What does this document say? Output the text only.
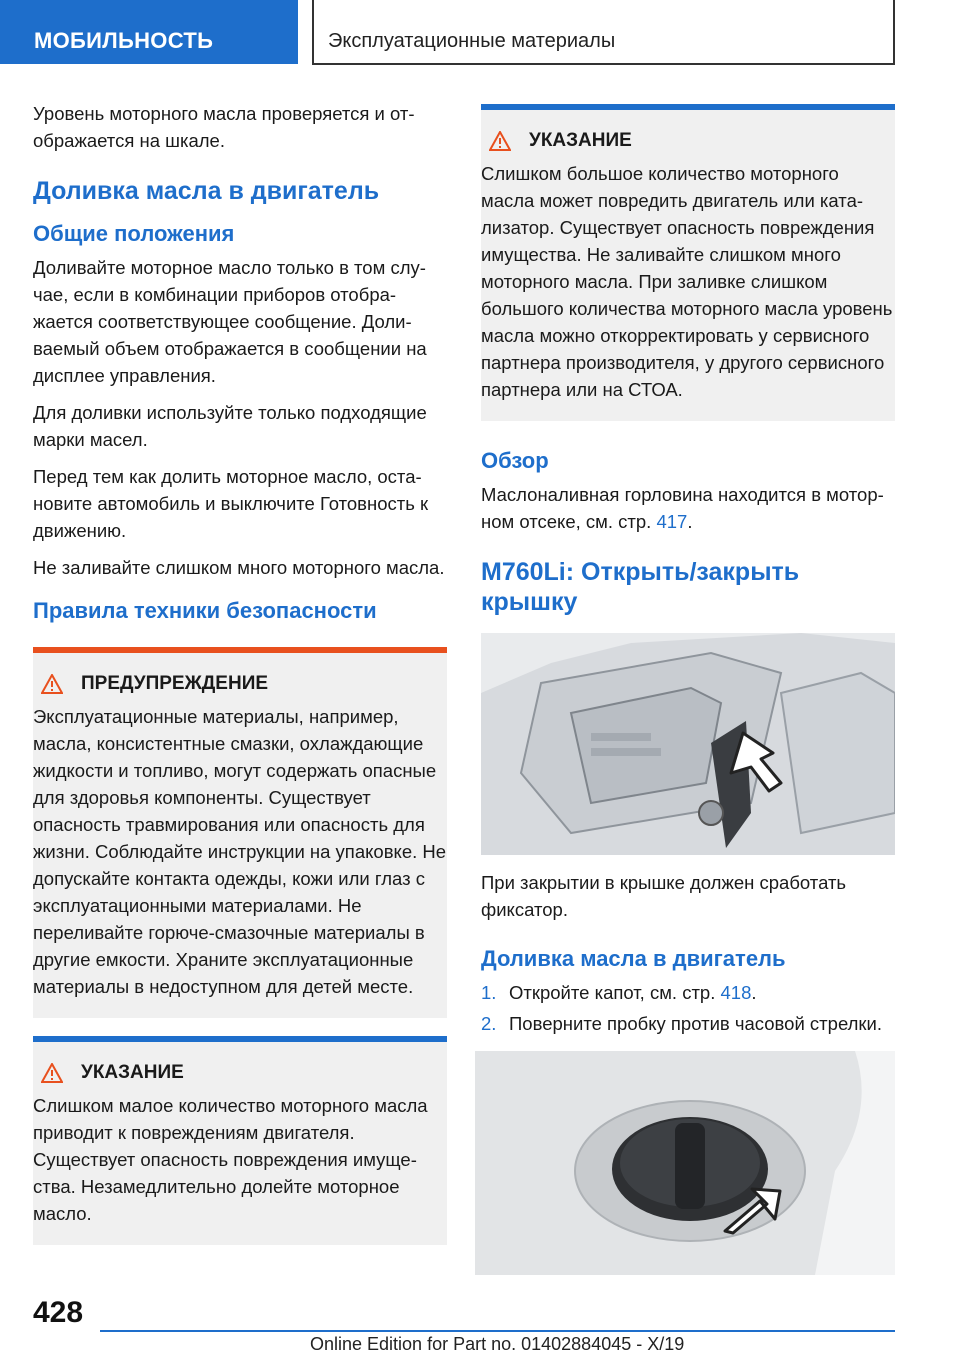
МОБИЛЬНОСТЬ	Эксплуатационные материалы

Уровень моторного масла проверяется и отображается на шкале.

Доливка масла в двигатель
Общие положения

Доливайте моторное масло только в том случае, если в комбинации приборов отображается соответствующее сообщение. Доливаемый объем отображается в сообщении на дисплее управления.

Для доливки используйте только подходящие марки масел.

Перед тем как долить моторное масло, остановите автомобиль и выключите Готовность к движению.

Не заливайте слишком много моторного масла.

Правила техники безопасности
ПРЕДУПРЕЖДЕНИЕ

Эксплуатационные материалы, например, масла, консистентные смазки, охлаждающие жидкости и топливо, могут содержать опасные для здоровья компоненты. Существует опасность травмирования или опасность для жизни. Соблюдайте инструкции на упаковке. Не допускайте контакта одежды, кожи или глаз с эксплуатационными материалами. Не переливайте горюче-смазочные материалы в другие емкости. Храните эксплуатационные материалы в недоступном для детей месте.

УКАЗАНИЕ

Слишком малое количество моторного масла приводит к повреждениям двигателя. Существует опасность повреждения имущества. Незамедлительно долейте моторное масло.

УКАЗАНИЕ

Слишком большое количество моторного масла может повредить двигатель или катализатор. Существует опасность повреждения имущества. Не заливайте слишком много моторного масла. При заливке слишком большого количества моторного масла уровень масла можно откорректировать у сервисного партнера производителя, у другого сервисного партнера или на СТОА.

Обзор

Маслоналивная горловина находится в моторном отсеке, см. стр. 417.

M760Li: Открыть/закрыть крышку

При закрытии в крышке должен сработать фиксатор.

Доливка масла в двигатель
1. Откройте капот, см. стр. 418.
2. Поверните пробку против часовой стрелки.
428
Online Edition for Part no. 01402884045 - X/19
